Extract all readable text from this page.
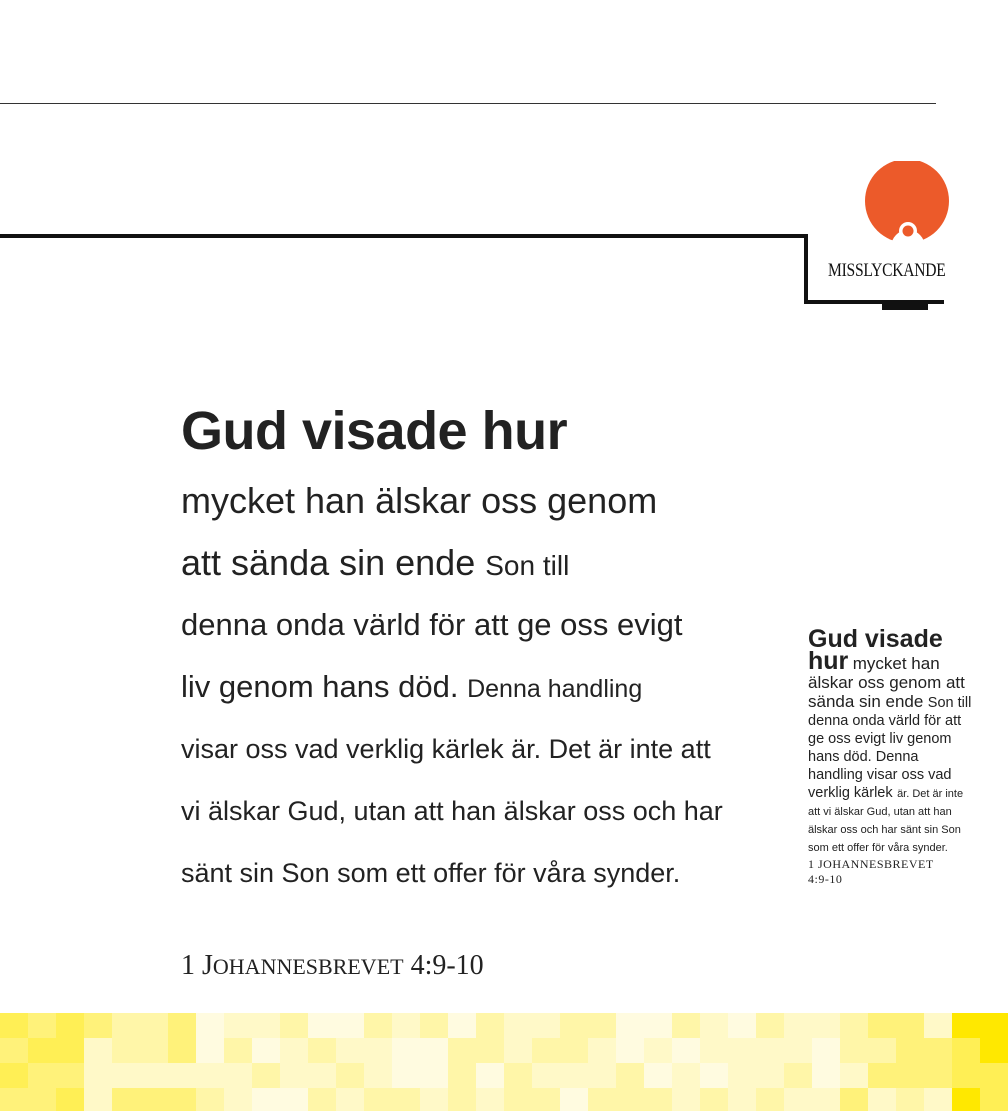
MISSLYCKANDE
Gud visade hur
mycket han älskar oss genom
att sända sin ende Son till
denna onda värld för att ge oss evigt
liv genom hans död. Denna handling
visar oss vad verklig kärlek är. Det är inte att
vi älskar Gud, utan att han älskar oss och har
sänt sin Son som ett offer för våra synder.
1 JOHANNESBREVET 4:9-10
Gud visade hur mycket han älskar oss genom att sända sin ende Son till denna onda värld för att ge oss evigt liv genom hans död. Denna handling visar oss vad verklig kärlek är. Det är inte att vi älskar Gud, utan att han älskar oss och har sänt sin Son som ett offer för våra synder.
1 JOHANNESBREVET
4:9-10
